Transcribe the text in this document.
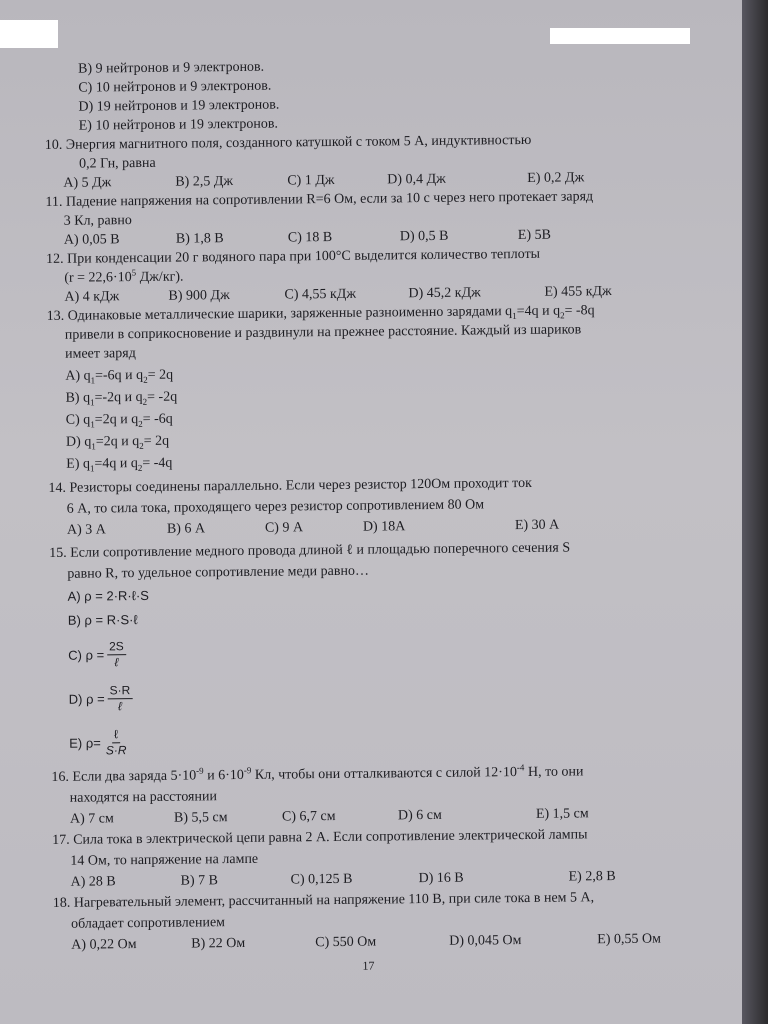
B) 9 нейтронов и 9 электронов.
C) 10 нейтронов и 9 электронов.
D) 19 нейтронов и 19 электронов.
E) 10 нейтронов и 19 электронов.
10. Энергия магнитного поля, созданного катушкой с током 5 А, индуктивностью
0,2 Гн, равна
A) 5 Дж	B) 2,5 Дж	C) 1 Дж	D) 0,4 Дж	E) 0,2 Дж
11. Падение напряжения на сопротивлении R=6 Ом, если за 10 с через него протекает заряд
3 Кл, равно
A) 0,05 В	B) 1,8 В	C) 18 В	D) 0,5 В	E) 5В
12. При конденсации 20 г водяного пара при 100°С выделится количество теплоты
($r = 22,6\cdot 10^5$ Дж/кг).
A) 4 кДж	B) 900 Дж	C) 4,55 кДж	D) 45,2 кДж	E) 455 кДж
13. Одинаковые металлические шарики, заряженные разноименно зарядами $q_1=4q$ и $q_2= -8q$
привели в соприкосновение и раздвинули на прежнее расстояние. Каждый из шариков
имеет заряд
A) $q_1=-6q$ и $q_2= 2q$
B) $q_1=-2q$ и $q_2= -2q$
C) $q_1=2q$ и $q_2= -6q$
D) $q_1=2q$ и $q_2= 2q$
E) $q_1=4q$ и $q_2= -4q$
14. Резисторы соединены параллельно. Если через резистор 120Ом проходит ток
6 А, то сила тока, проходящего через резистор сопротивлением 80 Ом
A) 3 А	B) 6 А	C) 9 А	D) 18А	E) 30 А
15. Если сопротивление медного провода длиной ℓ и площадью поперечного сечения S
равно R, то удельное сопротивление меди равно…
A) ρ = 2·R·ℓ·S
B) ρ = R·S·ℓ
C) $\rho = \frac{2S}{\text{ℓ}}$
D) $\rho = \frac{S\cdot R}{\text{ℓ}}$
E) $\rho= \frac{\text{ℓ}}{S\cdot R}$
16. Если два заряда $5\cdot 10^{-9}$ и $6\cdot 10^{-9}$ Кл, чтобы они отталкиваются с силой $12\cdot 10^{-4}$ Н, то они
находятся на расстоянии
A) 7 см	B) 5,5 см	C) 6,7 см	D) 6 см	E) 1,5 см
17. Сила тока в электрической цепи равна 2 А. Если сопротивление электрической лампы
14 Ом, то напряжение на лампе
A) 28 В	B) 7 В	C) 0,125 В	D) 16 В	E) 2,8 В
18. Нагревательный элемент, рассчитанный на напряжение 110 В, при силе тока в нем 5 А,
обладает сопротивлением
A) 0,22 Ом	B) 22 Ом	C) 550 Ом	D) 0,045 Ом	E) 0,55 Ом
17
